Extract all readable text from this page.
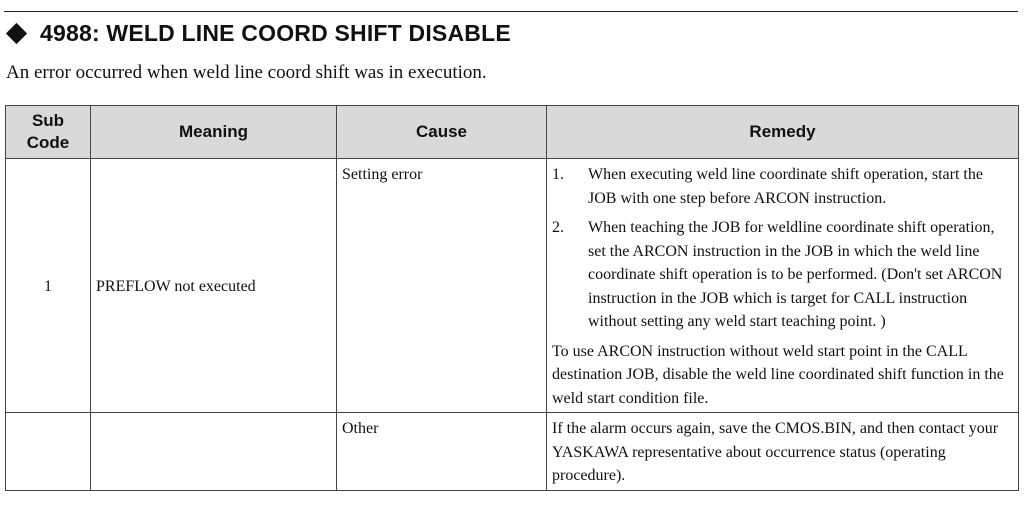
4988: WELD LINE COORD SHIFT DISABLE
An error occurred when weld line coord shift was in execution.
Sub
Code	Meaning	Cause	Remedy
1	PREFLOW not executed	Setting error	1. When executing weld line coordinate shift operation, start the JOB with one step before ARCON instruction.
2. When teaching the JOB for weldline coordinate shift operation, set the ARCON instruction in the JOB in which the weld line coordinate shift operation is to be performed. (Don't set ARCON instruction in the JOB which is target for CALL instruction without setting any weld start teaching point. )
To use ARCON instruction without weld start point in the CALL destination JOB, disable the weld line coordinated shift function in the weld start condition file.

		Other	If the alarm occurs again, save the CMOS.BIN, and then contact your YASKAWA representative about occurrence status (operating procedure).
